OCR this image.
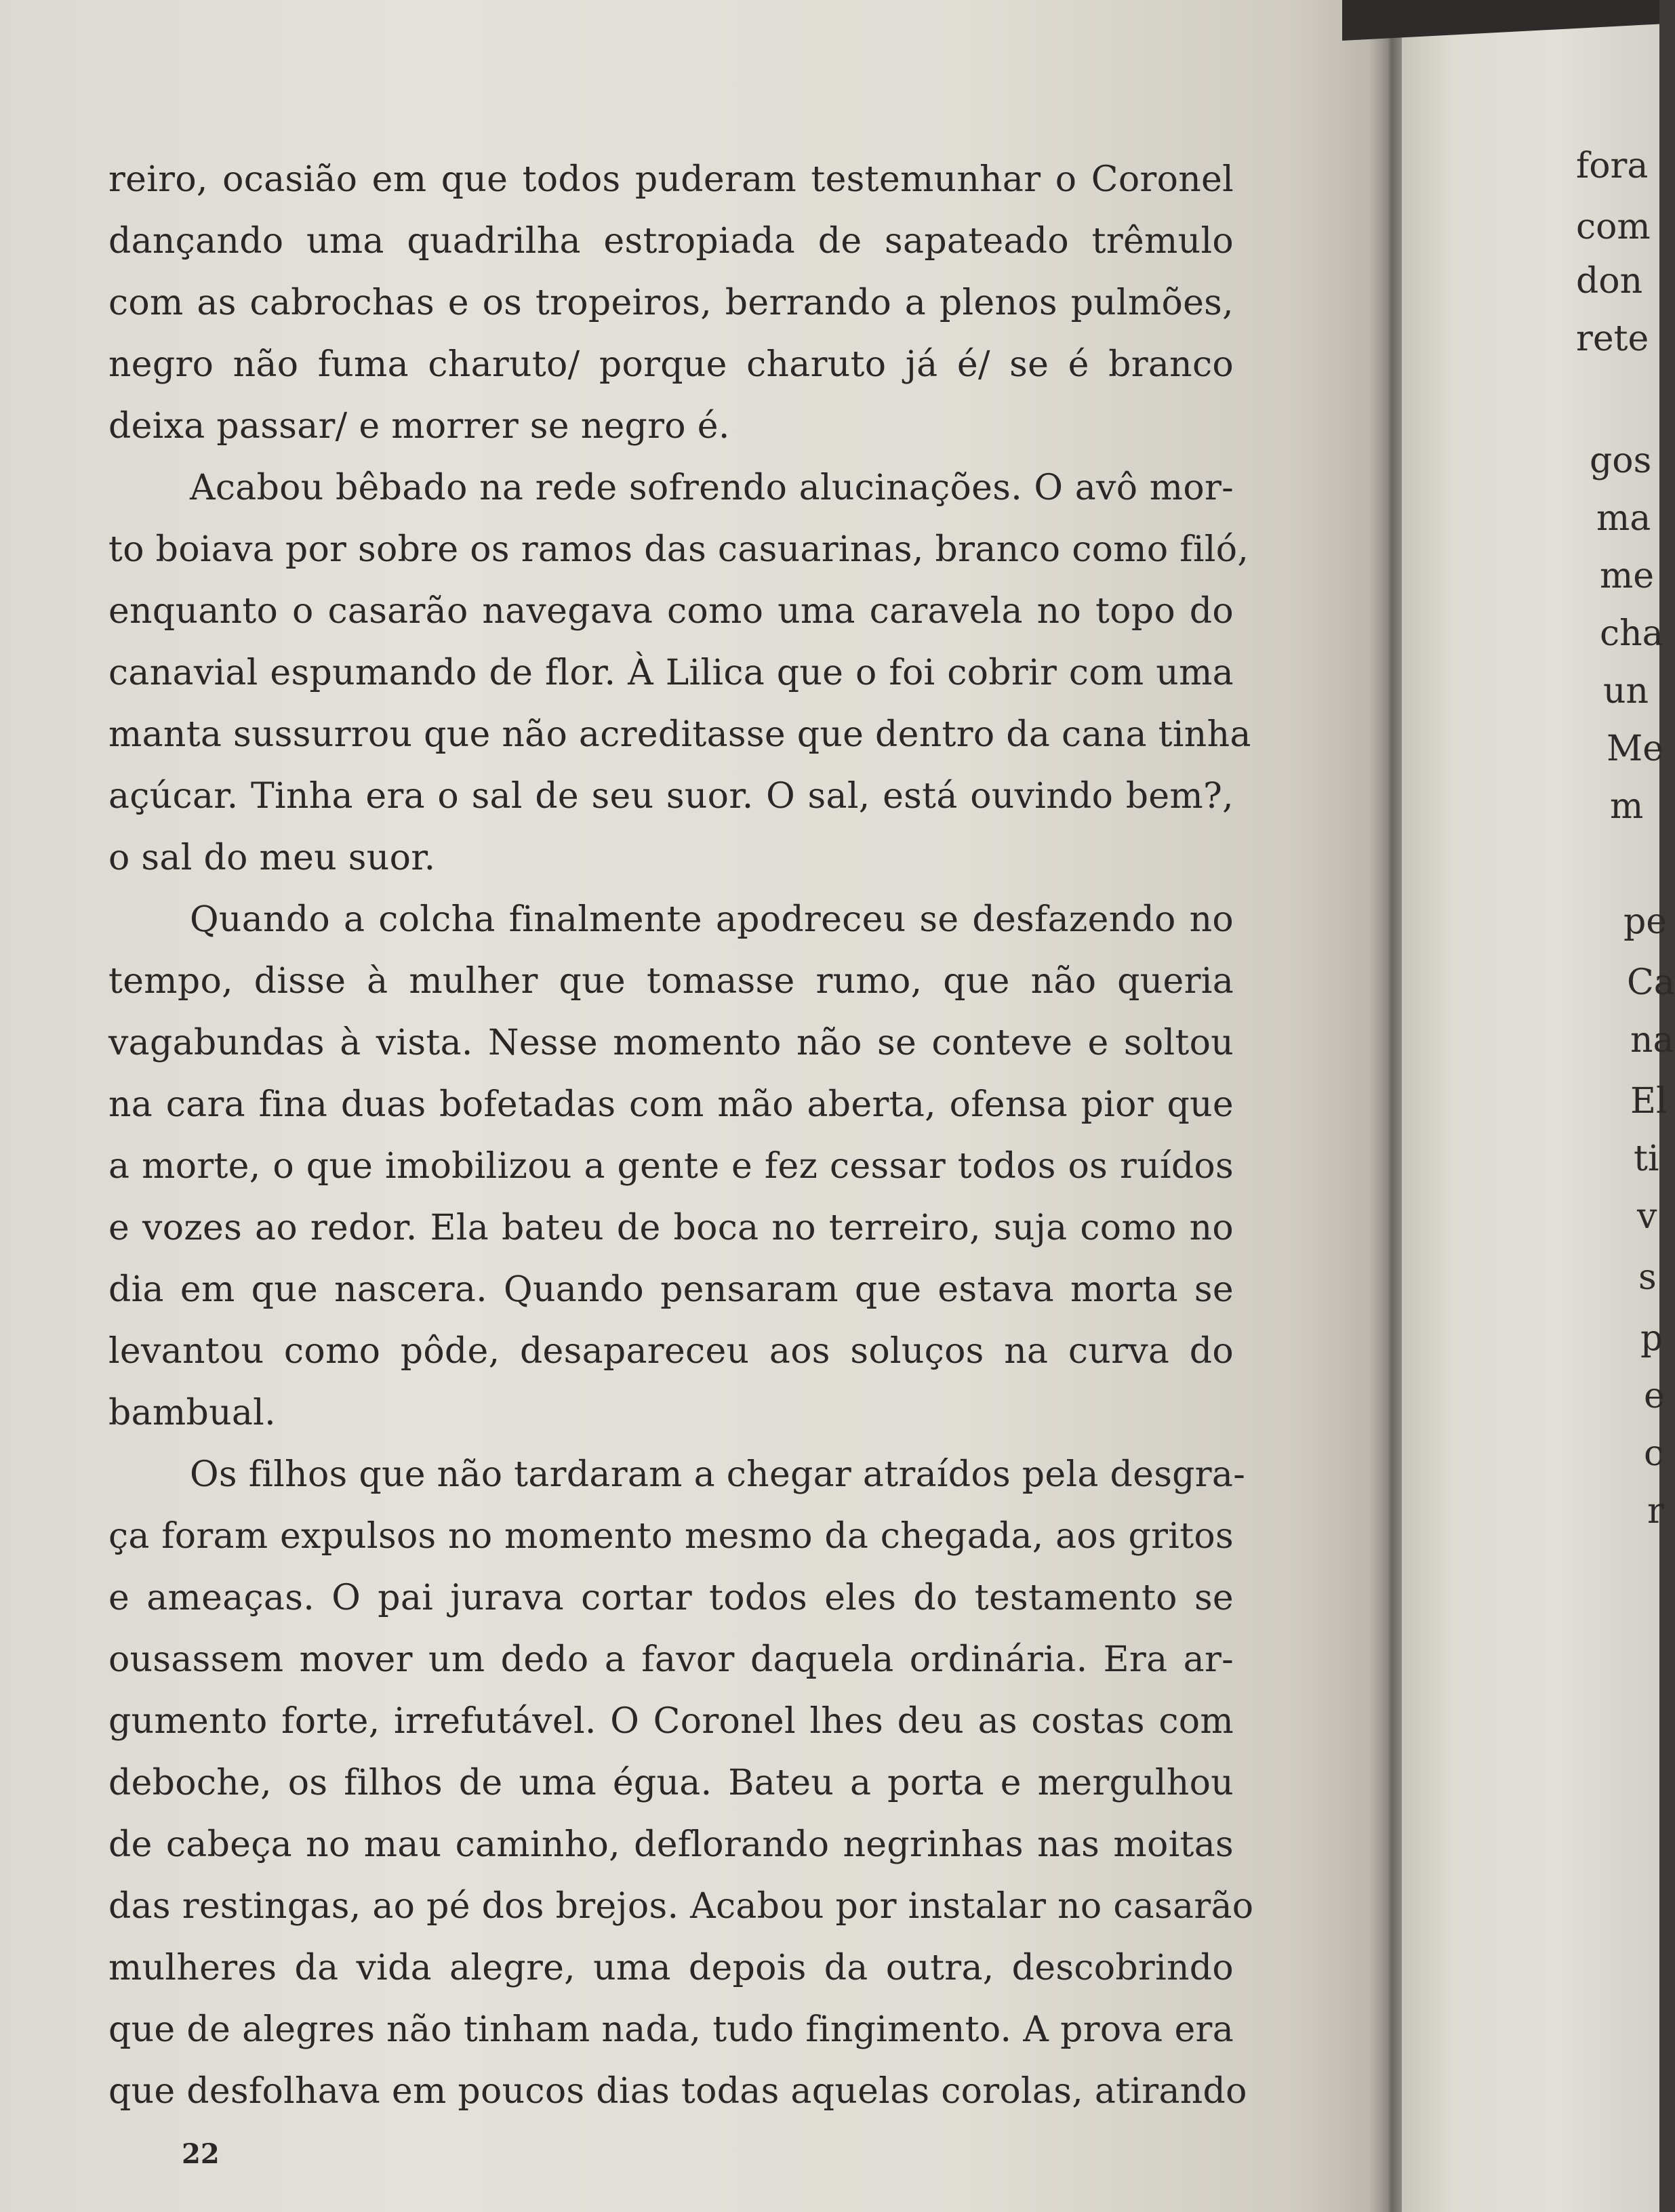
reiro, ocasião em que todos puderam testemunhar o Coronel
dançando uma quadrilha estropiada de sapateado trêmulo
com as cabrochas e os tropeiros, berrando a plenos pulmões,
negro não fuma charuto/ porque charuto já é/ se é branco
deixa passar/ e morrer se negro é.
Acabou bêbado na rede sofrendo alucinações. O avô mor-
to boiava por sobre os ramos das casuarinas, branco como filó,
enquanto o casarão navegava como uma caravela no topo do
canavial espumando de flor. À Lilica que o foi cobrir com uma
manta sussurrou que não acreditasse que dentro da cana tinha
açúcar. Tinha era o sal de seu suor. O sal, está ouvindo bem?,
o sal do meu suor.
Quando a colcha finalmente apodreceu se desfazendo no
tempo, disse à mulher que tomasse rumo, que não queria
vagabundas à vista. Nesse momento não se conteve e soltou
na cara fina duas bofetadas com mão aberta, ofensa pior que
a morte, o que imobilizou a gente e fez cessar todos os ruídos
e vozes ao redor. Ela bateu de boca no terreiro, suja como no
dia em que nascera. Quando pensaram que estava morta se
levantou como pôde, desapareceu aos soluços na curva do
bambual.
Os filhos que não tardaram a chegar atraídos pela desgra-
ça foram expulsos no momento mesmo da chegada, aos gritos
e ameaças. O pai jurava cortar todos eles do testamento se
ousassem mover um dedo a favor daquela ordinária. Era ar-
gumento forte, irrefutável. O Coronel lhes deu as costas com
deboche, os filhos de uma égua. Bateu a porta e mergulhou
de cabeça no mau caminho, deflorando negrinhas nas moitas
das restingas, ao pé dos brejos. Acabou por instalar no casarão
mulheres da vida alegre, uma depois da outra, descobrindo
que de alegres não tinham nada, tudo fingimento. A prova era
que desfolhava em poucos dias todas aquelas corolas, atirando
22
fora
com
don
rete
gos
ma
me
cha
un
Me
m
pe
Ca
na
El
ti
v
s
p
e
c
r
